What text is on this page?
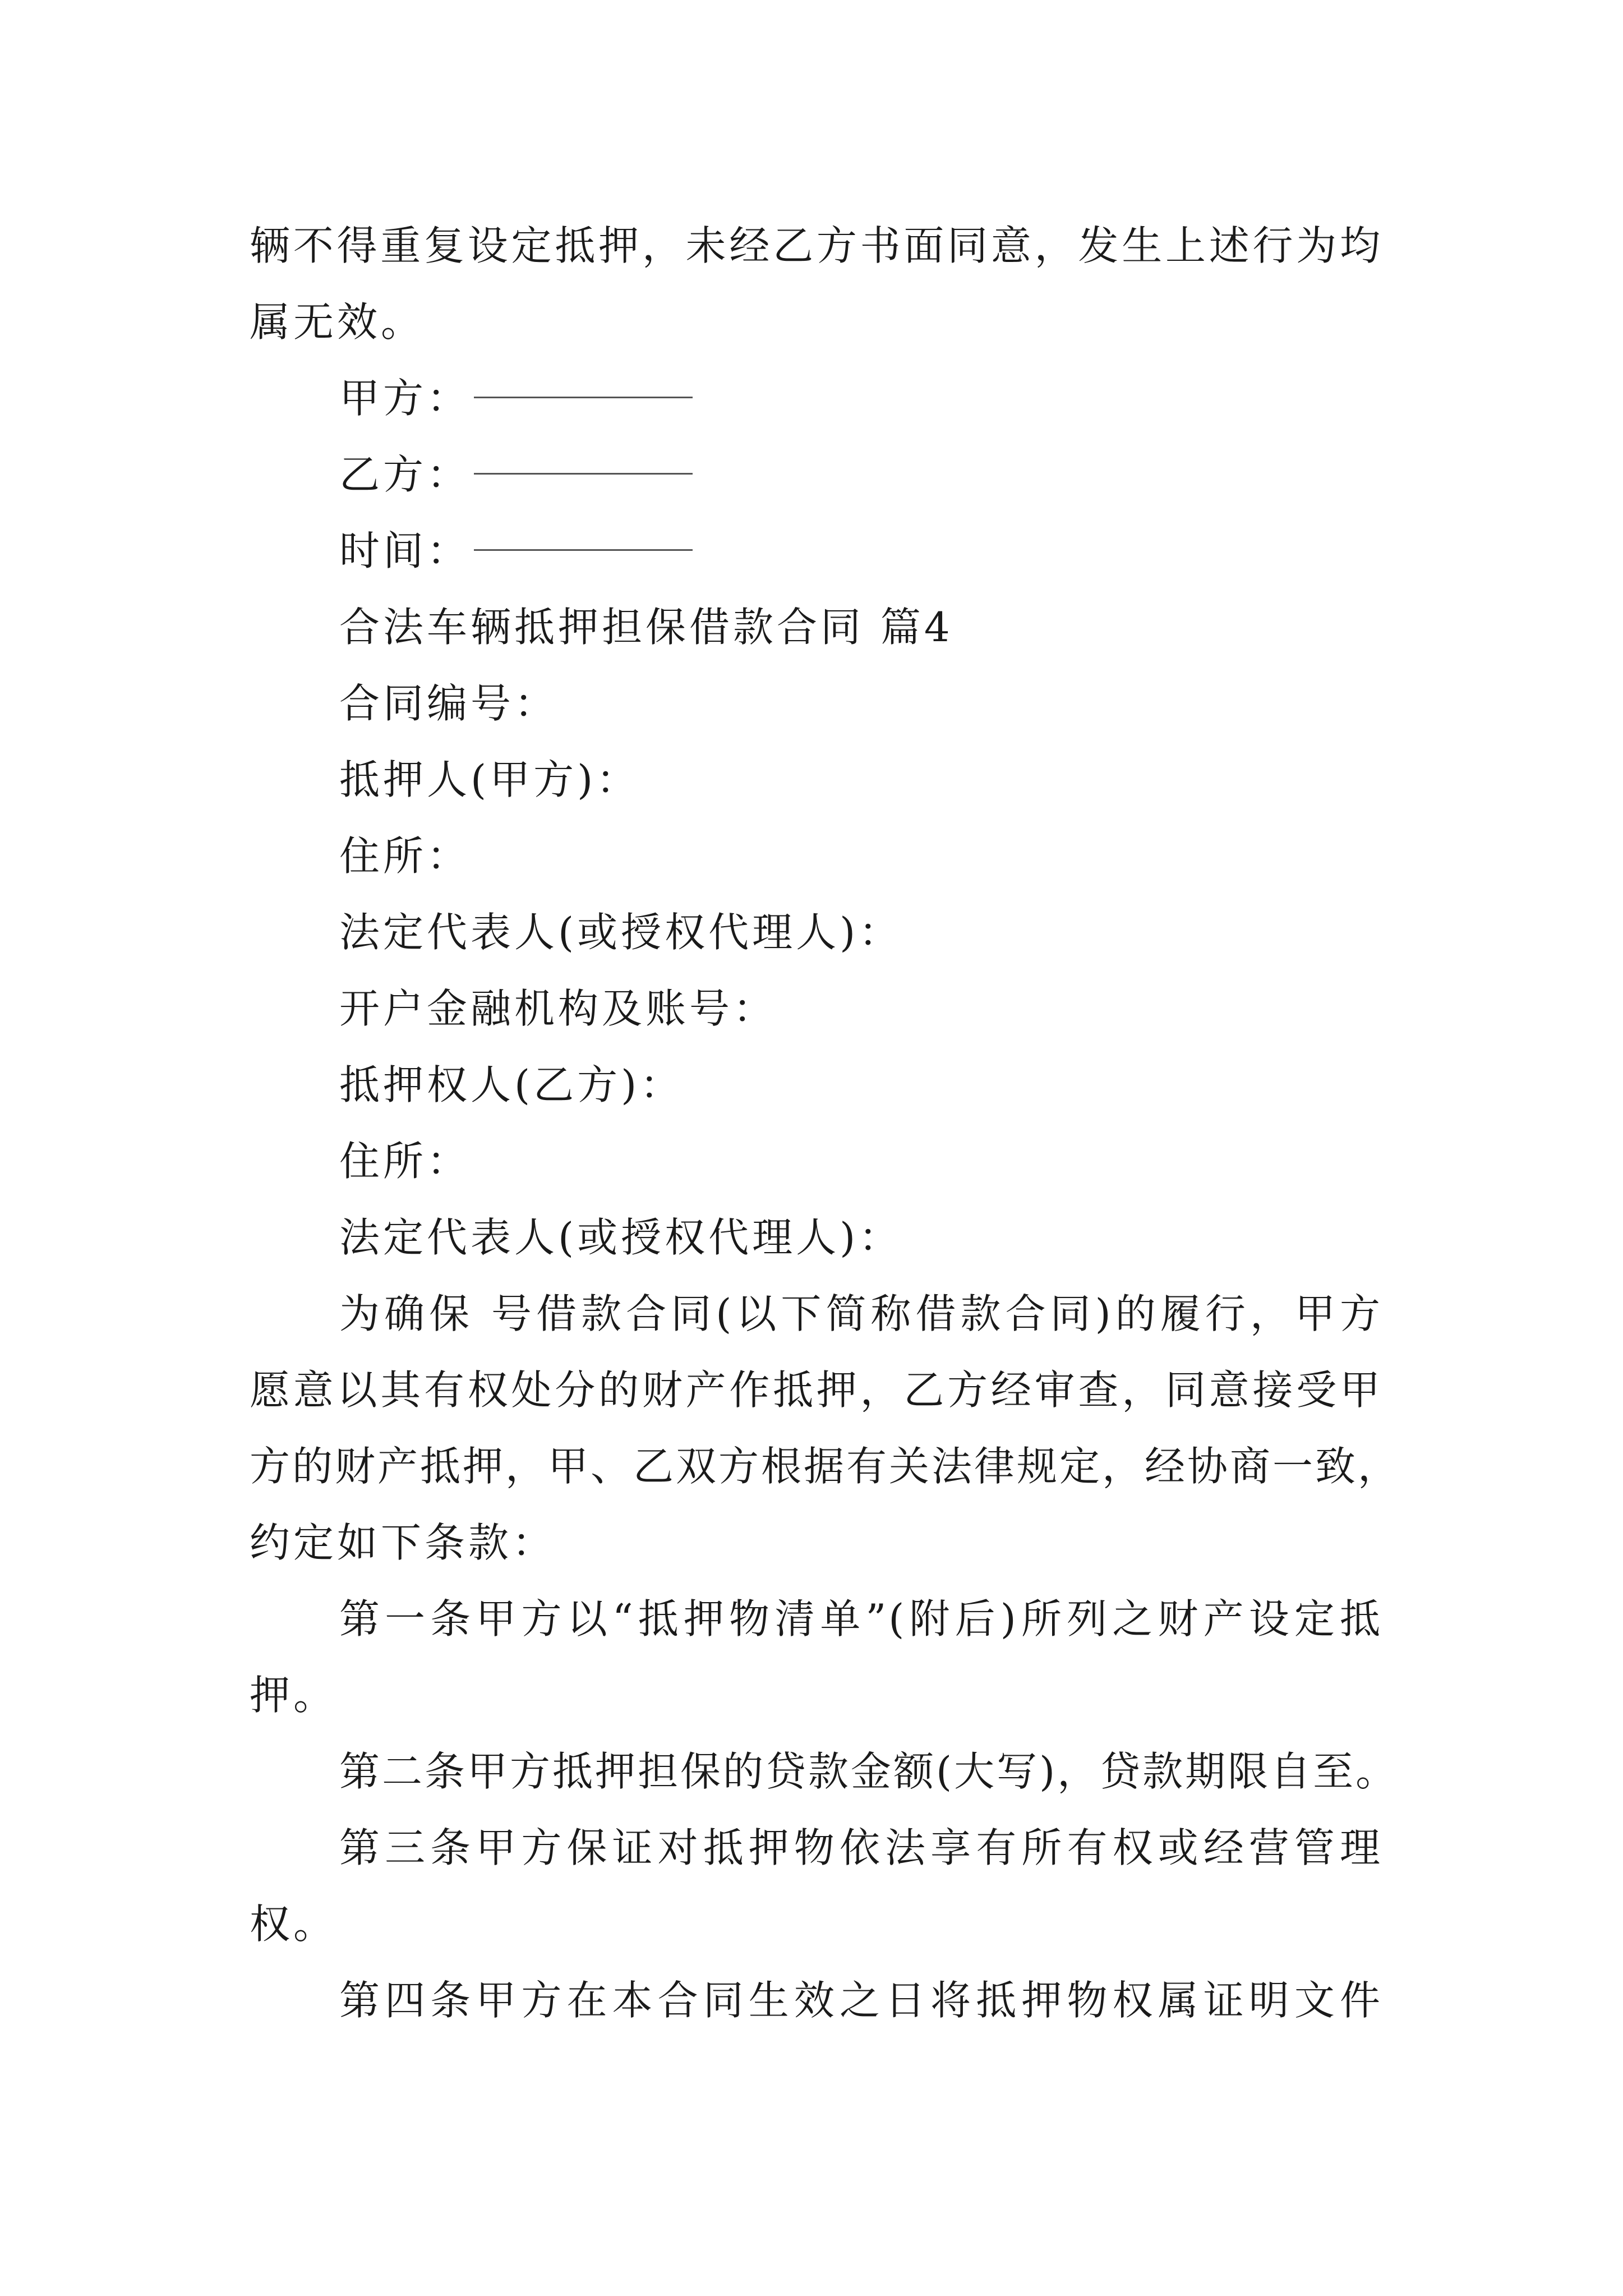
辆不得重复设定抵押，未经乙方书面同意，发生上述行为均
属无效。
甲方：
乙方：
时间：
合法车辆抵押担保借款合同 篇4
合同编号：
抵押人(甲方)：
住所：
法定代表人(或授权代理人)：
开户金融机构及账号：
抵押权人(乙方)：
住所：
法定代表人(或授权代理人)：
为确保 号借款合同(以下简称借款合同)的履行，甲方
愿意以其有权处分的财产作抵押，乙方经审查，同意接受甲
方的财产抵押，甲、乙双方根据有关法律规定，经协商一致，
约定如下条款：
第一条甲方以“抵押物清单”(附后)所列之财产设定抵
押。
第二条甲方抵押担保的贷款金额(大写)，贷款期限自至。
第三条甲方保证对抵押物依法享有所有权或经营管理
权。
第四条甲方在本合同生效之日将抵押物权属证明文件
